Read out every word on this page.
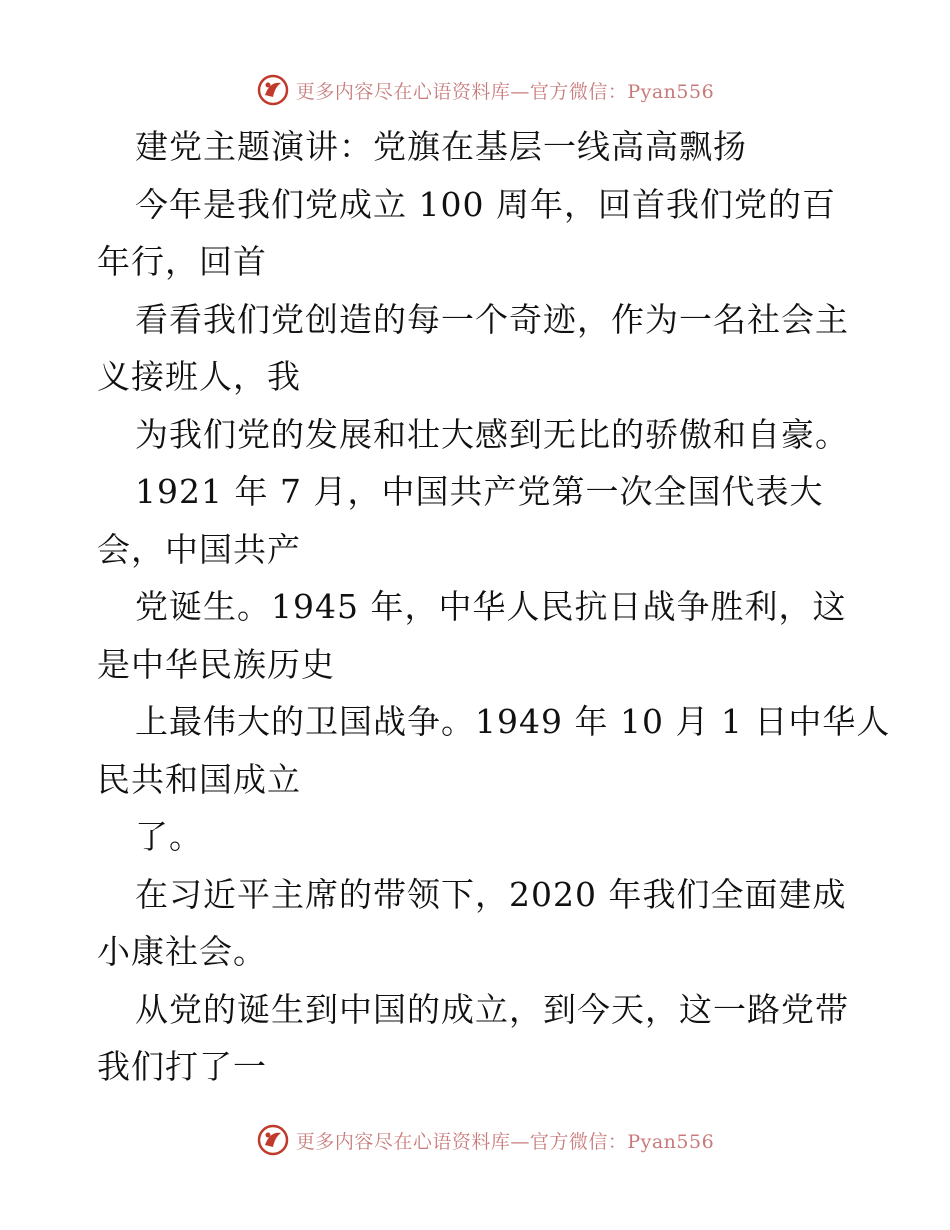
更多内容尽在心语资料库—官方微信：Pyan556
建党主题演讲：党旗在基层一线高高飘扬
今年是我们党成立 100 周年，回首我们党的百
年行，回首
看看我们党创造的每一个奇迹，作为一名社会主
义接班人，我
为我们党的发展和壮大感到无比的骄傲和自豪。
1921 年 7 月，中国共产党第一次全国代表大
会，中国共产
党诞生。1945 年，中华人民抗日战争胜利，这
是中华民族历史
上最伟大的卫国战争。1949 年 10 月 1 日中华人
民共和国成立
了。
在习近平主席的带领下，2020 年我们全面建成
小康社会。
从党的诞生到中国的成立，到今天，这一路党带
我们打了一
更多内容尽在心语资料库—官方微信：Pyan556
